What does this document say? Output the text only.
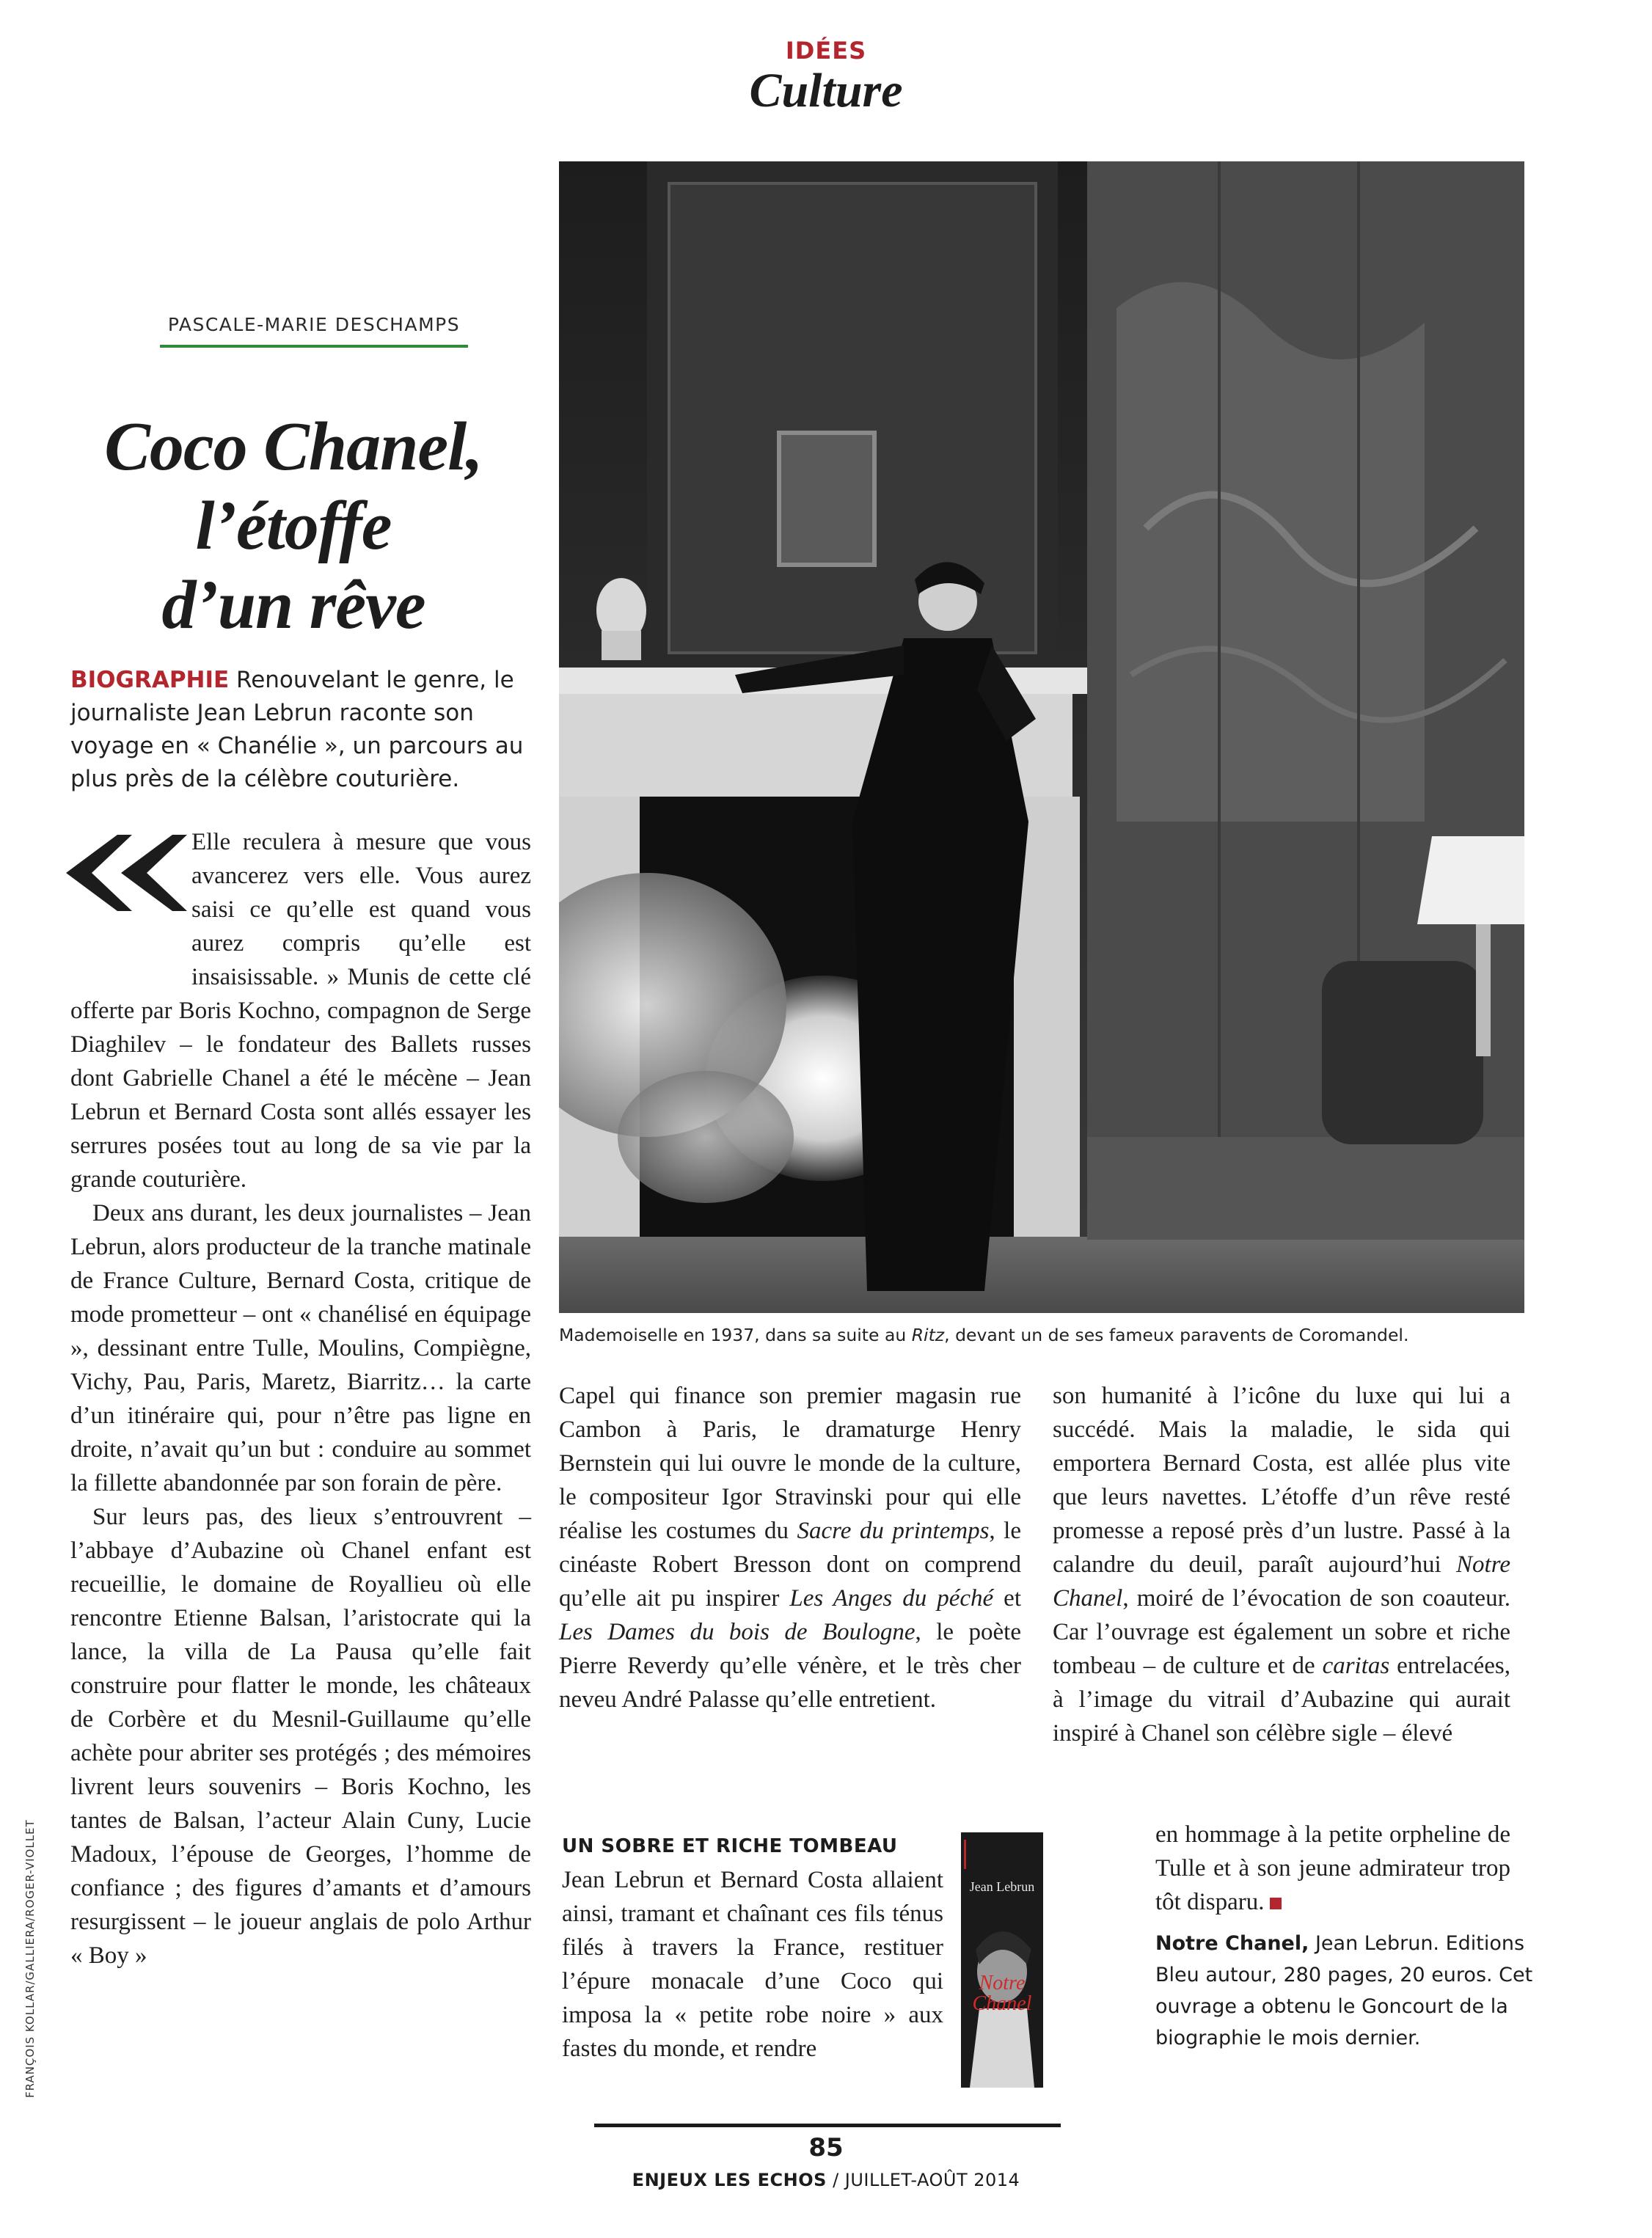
IDÉES
Culture
PASCALE-MARIE DESCHAMPS
Coco Chanel,
l’étoffe
d’un rêve
BIOGRAPHIE Renouvelant le genre, le journaliste Jean Lebrun raconte son voyage en « Chanélie », un parcours au plus près de la célèbre couturière.
Mademoiselle en 1937, dans sa suite au Ritz, devant un de ses fameux paravents de Coromandel.
FRANÇOIS KOLLAR/GALLIERA/ROGER-VIOLLET

Elle reculera à mesure que vous avancerez vers elle. Vous aurez saisi ce qu’elle est quand vous aurez compris qu’elle est insaisissable. » Munis de cette clé offerte par Boris Kochno, compagnon de Serge Diaghilev – le fondateur des Ballets russes dont Gabrielle Chanel a été le mécène – Jean Lebrun et Bernard Costa sont allés essayer les serrures posées tout au long de sa vie par la grande couturière.

Deux ans durant, les deux journalistes – Jean Lebrun, alors producteur de la tranche matinale de France Culture, Bernard Costa, critique de mode prometteur – ont « chanélisé en équipage », dessinant entre Tulle, Moulins, Compiègne, Vichy, Pau, Paris, Maretz, Biarritz… la carte d’un itinéraire qui, pour n’être pas ligne en droite, n’avait qu’un but : conduire au sommet la fillette abandonnée par son forain de père.

Sur leurs pas, des lieux s’entrouvrent – l’abbaye d’Aubazine où Chanel enfant est recueillie, le domaine de Royallieu où elle rencontre Etienne Balsan, l’aristocrate qui la lance, la villa de La Pausa qu’elle fait construire pour flatter le monde, les châteaux de Corbère et du Mesnil-Guillaume qu’elle achète pour abriter ses protégés ; des mémoires livrent leurs souvenirs – Boris Kochno, les tantes de Balsan, l’acteur Alain Cuny, Lucie Madoux, l’épouse de Georges, l’homme de confiance ; des figures d’amants et d’amours resurgissent – le joueur anglais de polo Arthur « Boy »

Capel qui finance son premier magasin rue Cambon à Paris, le dramaturge Henry Bernstein qui lui ouvre le monde de la culture, le compositeur Igor Stravinski pour qui elle réalise les costumes du Sacre du printemps, le cinéaste Robert Bresson dont on comprend qu’elle ait pu inspirer Les Anges du péché et Les Dames du bois de Boulogne, le poète Pierre Reverdy qu’elle vénère, et le très cher neveu André Palasse qu’elle entretient.

UN SOBRE ET RICHE TOMBEAU

Jean Lebrun et Bernard Costa allaient ainsi, tramant et chaînant ces fils ténus filés à travers la France, restituer l’épure monacale d’une Coco qui imposa la « petite robe noire » aux fastes du monde, et rendre

Jean Lebrun
Notre Chanel

son humanité à l’icône du luxe qui lui a succédé. Mais la maladie, le sida qui emportera Bernard Costa, est allée plus vite que leurs navettes. L’étoffe d’un rêve resté promesse a reposé près d’un lustre. Passé à la calandre du deuil, paraît aujourd’hui Notre Chanel, moiré de l’évocation de son coauteur. Car l’ouvrage est également un sobre et riche tombeau – de culture et de caritas entrelacées, à l’image du vitrail d’Aubazine qui aurait inspiré à Chanel son célèbre sigle – élevé

en hommage à la petite orpheline de Tulle et à son jeune admirateur trop tôt disparu.

Notre Chanel, Jean Lebrun. Editions Bleu autour, 280 pages, 20 euros. Cet ouvrage a obtenu le Goncourt de la biographie le mois dernier.
85
ENJEUX LES ECHOS / JUILLET-AOÛT 2014
